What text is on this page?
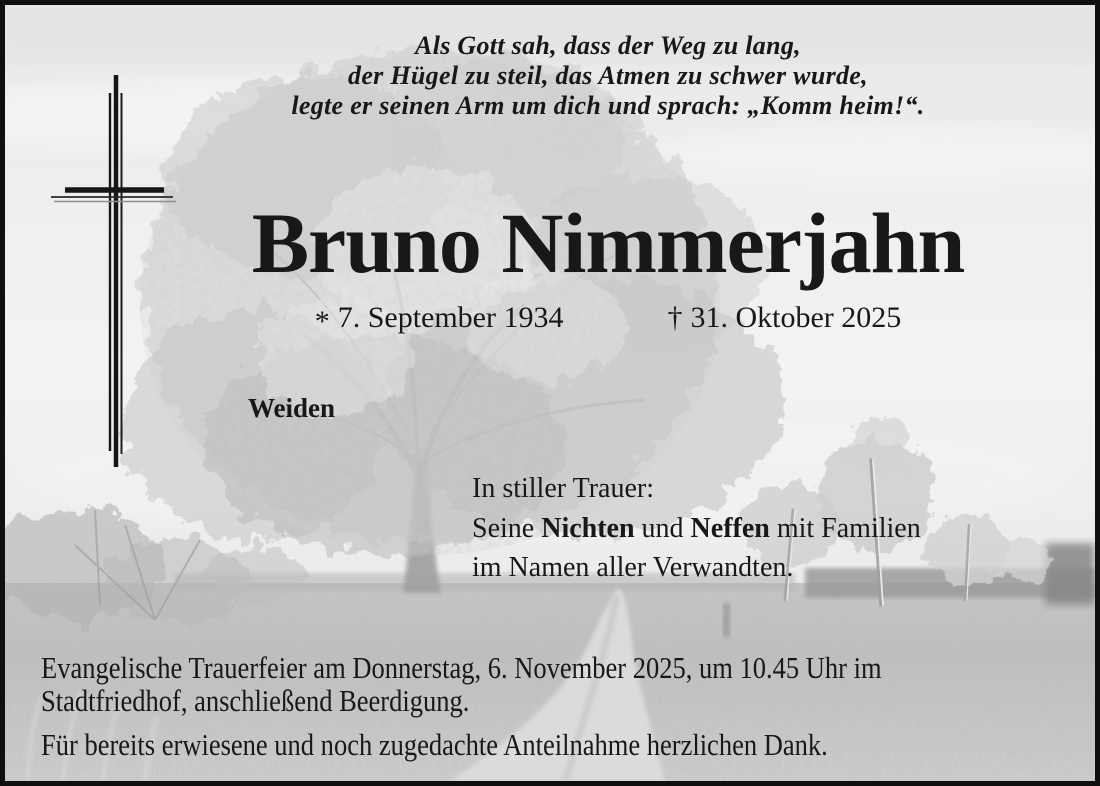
Als Gott sah, dass der Weg zu lang,
der Hügel zu steil, das Atmen zu schwer wurde,
legte er seinen Arm um dich und sprach: „Komm heim!“.
Bruno Nimmerjahn
* 7. September 1934	† 31. Oktober 2025
Weiden
In stiller Trauer:
Seine Nichten und Neffen mit Familien
im Namen aller Verwandten.
Evangelische Trauerfeier am Donnerstag, 6. November 2025, um 10.45 Uhr im
Stadtfriedhof, anschließend Beerdigung.
Für bereits erwiesene und noch zugedachte Anteilnahme herzlichen Dank.
